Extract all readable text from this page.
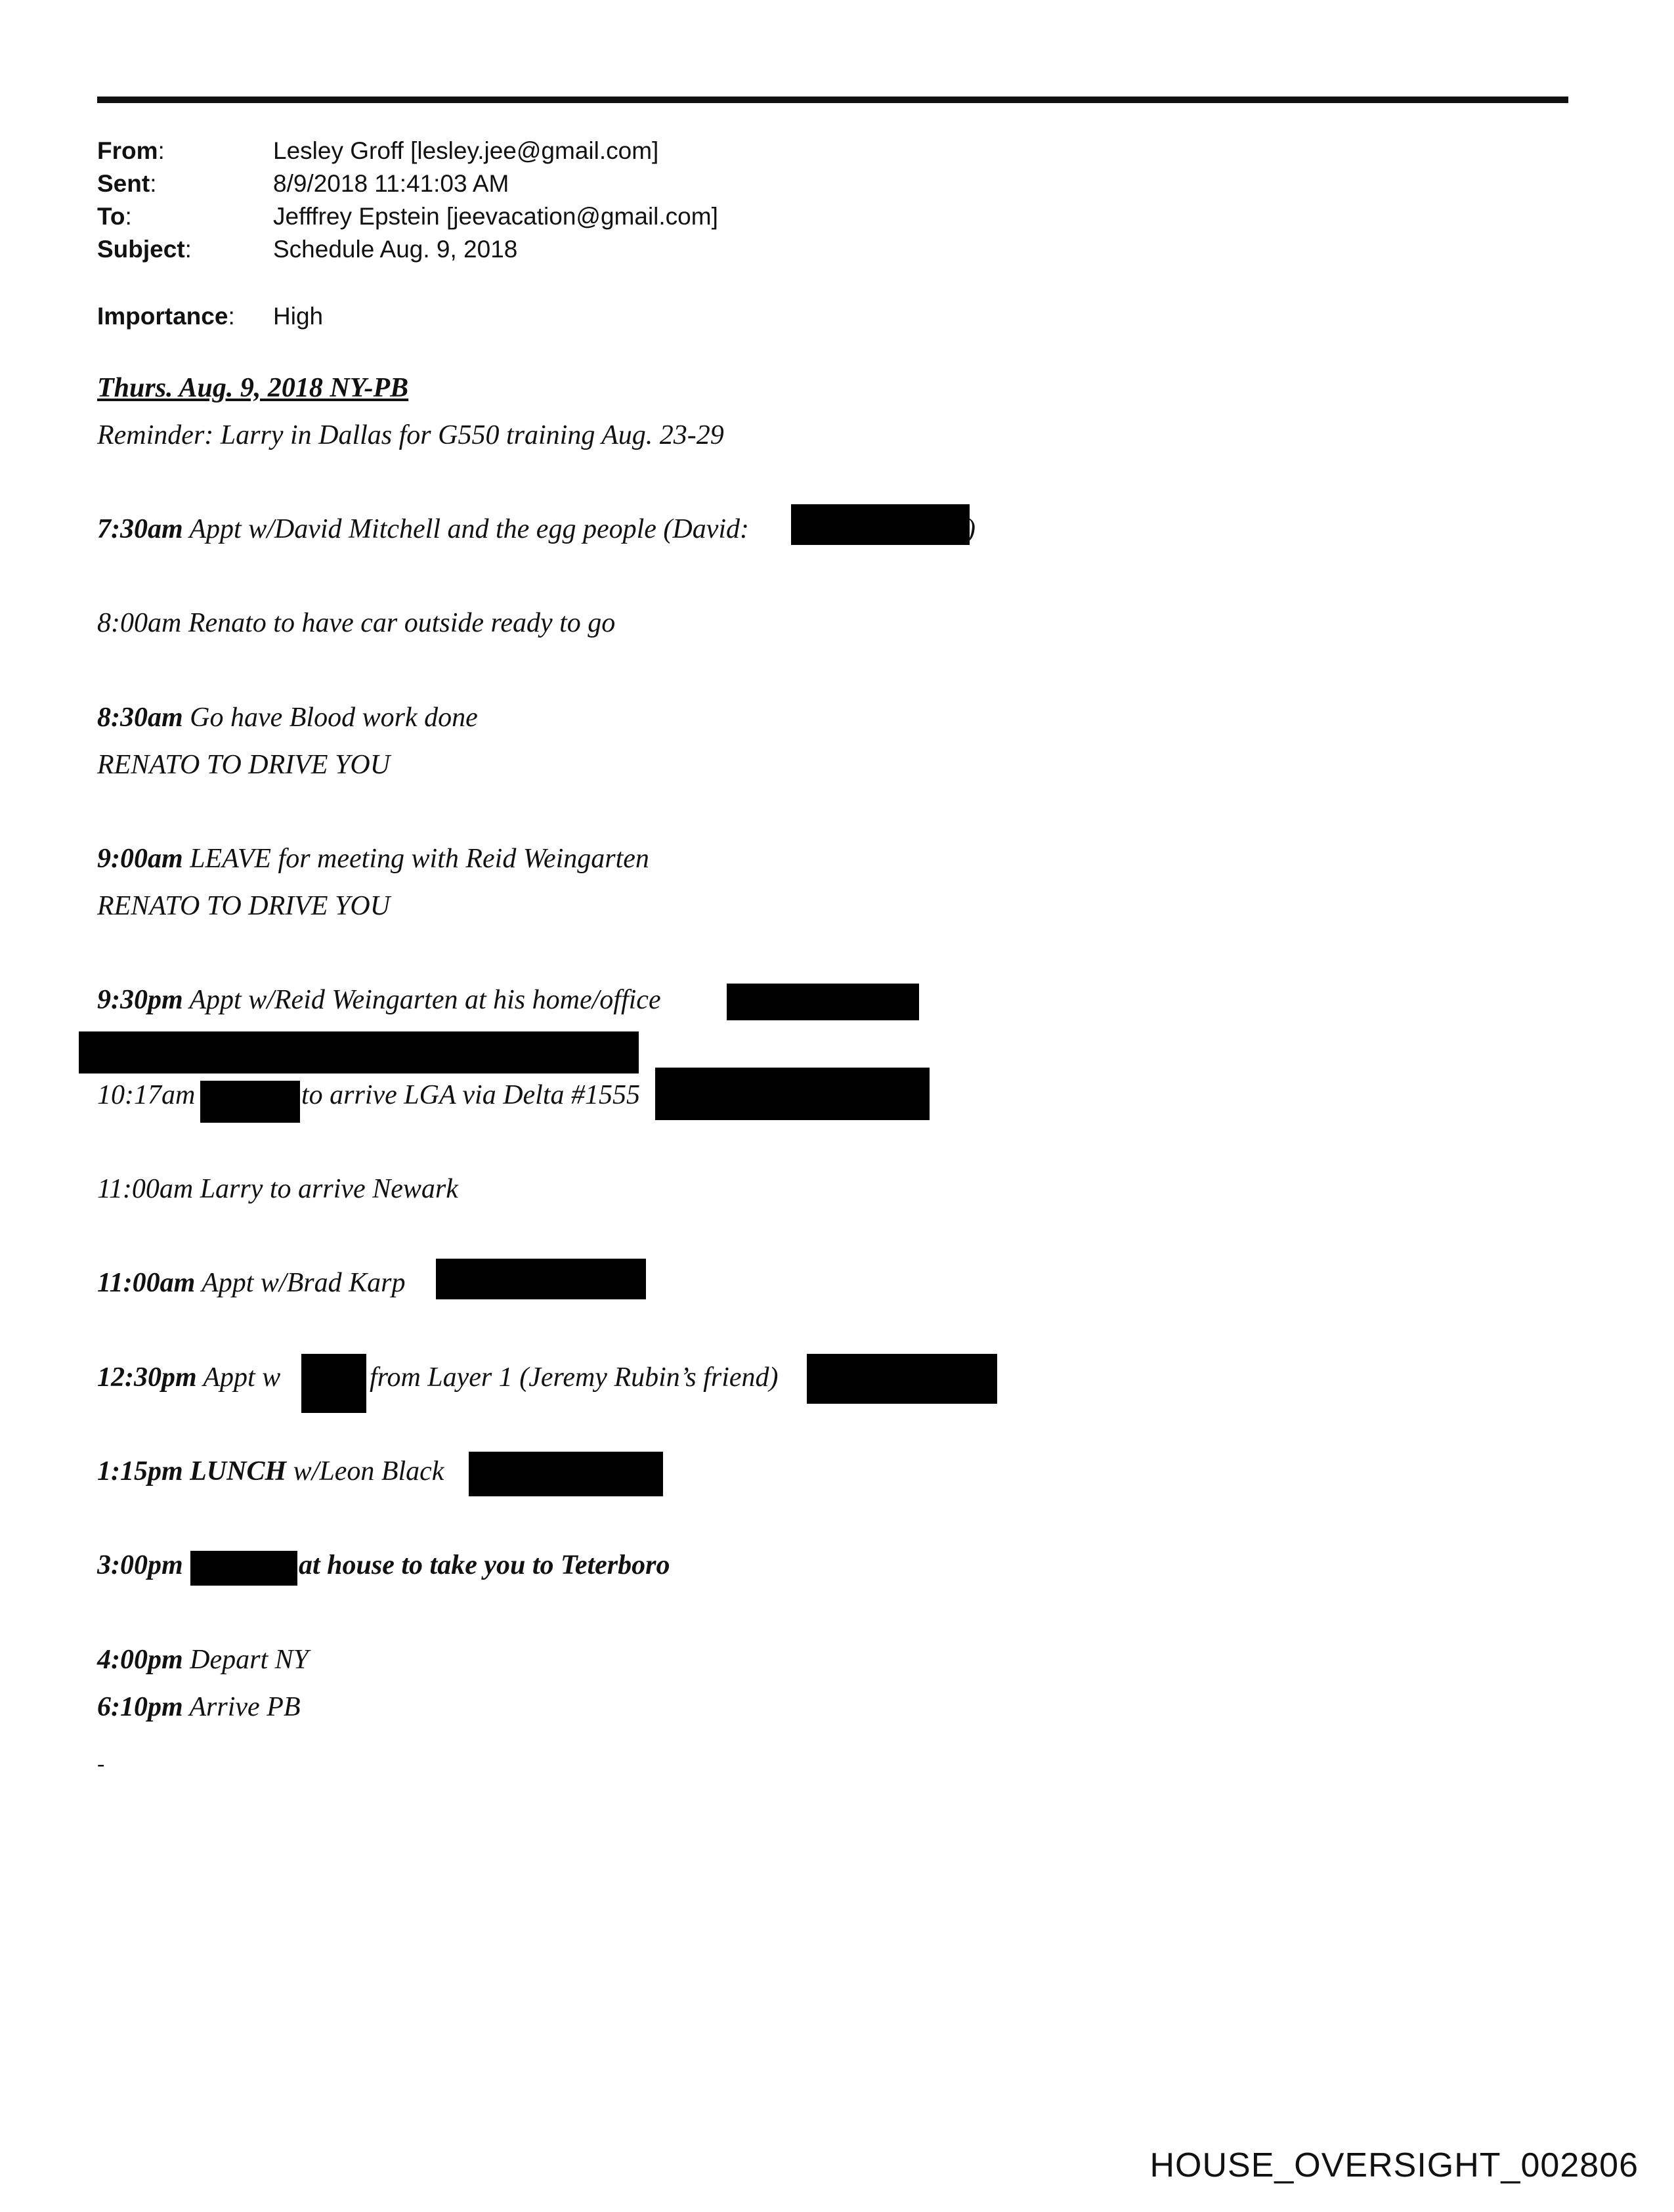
From:	Lesley Groff [lesley.jee@gmail.com]
Sent:	8/9/2018 11:41:03 AM
To:	Jefffrey Epstein [jeevacation@gmail.com]
Subject:	Schedule Aug. 9, 2018
Importance: High
Thurs. Aug. 9, 2018 NY-PB
Reminder: Larry in Dallas for G550 training Aug. 23-29
7:30am Appt w/David Mitchell and the egg people (David:	)
8:00am Renato to have car outside ready to go
8:30am Go have Blood work done
RENATO TO DRIVE YOU
9:00am LEAVE for meeting with Reid Weingarten
RENATO TO DRIVE YOU
9:30pm Appt w/Reid Weingarten at his home/office
10:17am	to arrive LGA via Delta #1555
11:00am Larry to arrive Newark
11:00am Appt w/Brad Karp
12:30pm Appt w	from Layer 1 (Jeremy Rubin’s friend)
1:15pm LUNCH w/Leon Black
3:00pm	at house to take you to Teterboro
4:00pm Depart NY
6:10pm Arrive PB
-
HOUSE_OVERSIGHT_002806
